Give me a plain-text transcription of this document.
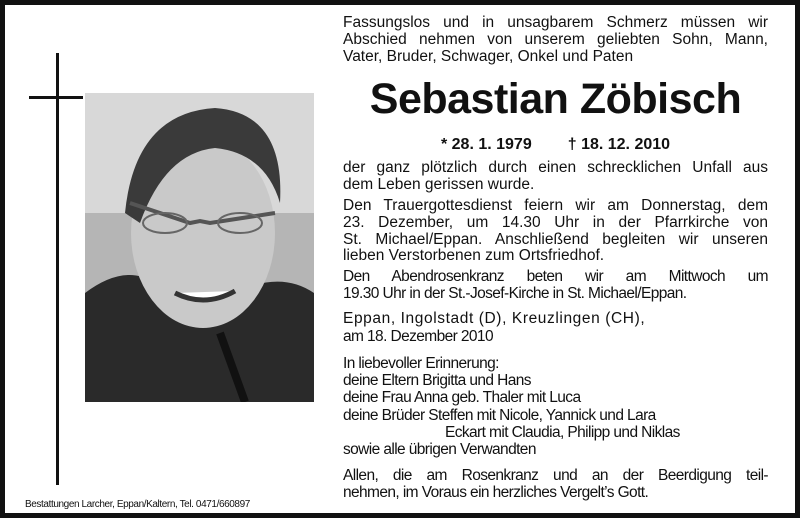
Fassungslos und in unsagbarem Schmerz müssen wir
Abschied nehmen von unserem geliebten Sohn, Mann,
Vater, Bruder, Schwager, Onkel und Paten
Sebastian Zöbisch
* 28. 1. 1979 † 18. 12. 2010
der ganz plötzlich durch einen schrecklichen Unfall aus
dem Leben gerissen wurde.
Den Trauergottesdienst feiern wir am Donnerstag, dem
23. Dezember, um 14.30 Uhr in der Pfarrkirche von
St. Michael/Eppan. Anschließend begleiten wir unseren
lieben Verstorbenen zum Ortsfriedhof.
Den Abendrosenkranz beten wir am Mittwoch um
19.30 Uhr in der St.-Josef-Kirche in St. Michael/Eppan.
Eppan, Ingolstadt (D), Kreuzlingen (CH),
am 18. Dezember 2010
In liebevoller Erinnerung:
deine Eltern Brigitta und Hans
deine Frau Anna geb. Thaler mit Luca
deine Brüder Steffen mit Nicole, Yannick und Lara
Eckart mit Claudia, Philipp und Niklas
sowie alle übrigen Verwandten
Allen, die am Rosenkranz und an der Beerdigung teil-
nehmen, im Voraus ein herzliches Vergelt’s Gott.
Bestattungen Larcher, Eppan/Kaltern, Tel. 0471/660897
